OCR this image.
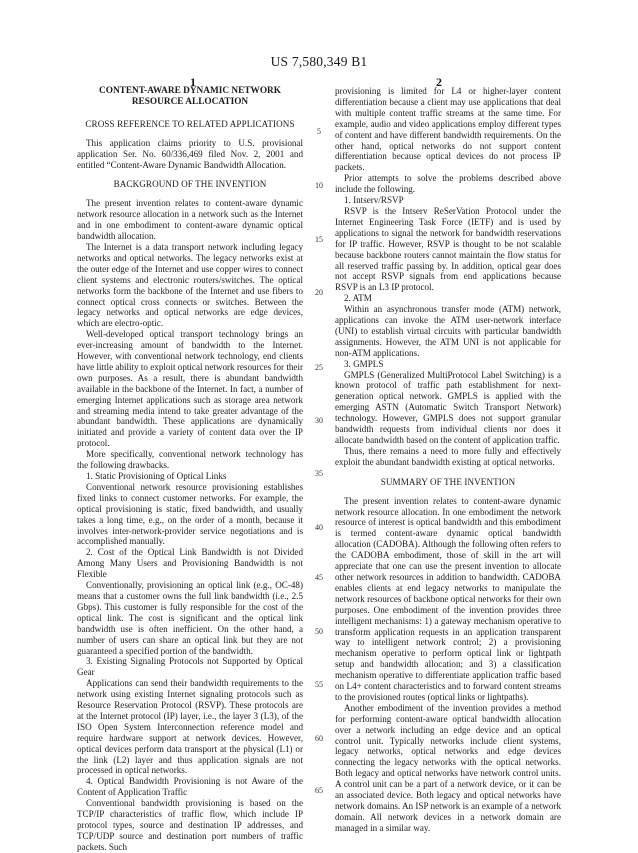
US 7,580,349 B1
1	2

CONTENT-AWARE DYNAMIC NETWORK RESOURCE ALLOCATION

CROSS REFERENCE TO RELATED APPLICATIONS

This application claims priority to U.S. provisional application Ser. No. 60/336,469 filed Nov. 2, 2001 and entitled “Content-Aware Dynamic Bandwidth Allocation.

BACKGROUND OF THE INVENTION

The present invention relates to content-aware dynamic network resource allocation in a network such as the Internet and in one embodiment to content-aware dynamic optical bandwidth allocation.

The Internet is a data transport network including legacy networks and optical networks. The legacy networks exist at the outer edge of the Internet and use copper wires to connect client systems and electronic routers/switches. The optical networks form the backbone of the Internet and use fibers to connect optical cross connects or switches. Between the legacy networks and optical networks are edge devices, which are electro-optic.

Well-developed optical transport technology brings an ever-increasing amount of bandwidth to the Internet. However, with conventional network technology, end clients have little ability to exploit optical network resources for their own purposes. As a result, there is abundant bandwidth available in the backbone of the Internet. In fact, a number of emerging Internet applications such as storage area network and streaming media intend to take greater advantage of the abundant bandwidth. These applications are dynamically initiated and provide a variety of content data over the IP protocol.

More specifically, conventional network technology has the following drawbacks.

1. Static Provisioning of Optical Links

Conventional network resource provisioning establishes fixed links to connect customer networks. For example, the optical provisioning is static, fixed bandwidth, and usually takes a long time, e.g., on the order of a month, because it involves inter-network-provider service negotiations and is accomplished manually.

2. Cost of the Optical Link Bandwidth is not Divided Among Many Users and Provisioning Bandwidth is not Flexible

Conventionally, provisioning an optical link (e.g., OC-48) means that a customer owns the full link bandwidth (i.e., 2.5 Gbps). This customer is fully responsible for the cost of the optical link. The cost is significant and the optical link bandwidth use is often inefficient. On the other hand, a number of users can share an optical link but they are not guaranteed a specified portion of the bandwidth.

3. Existing Signaling Protocols not Supported by Optical Gear

Applications can send their bandwidth requirements to the network using existing Internet signaling protocols such as Resource Reservation Protocol (RSVP). These protocols are at the Internet protocol (IP) layer, i.e., the layer 3 (L3), of the ISO Open System Interconnection reference model and require hardware support at network devices. However, optical devices perform data transport at the physical (L1) or the link (L2) layer and thus application signals are not processed in optical networks.

4. Optical Bandwidth Provisioning is not Aware of the Content of Application Traffic

Conventional bandwidth provisioning is based on the TCP/IP characteristics of traffic flow, which include IP protocol types, source and destination IP addresses, and TCP/UDP source and destination port numbers of traffic packets. Such

5
10
15
20
25
30
35
40
45
50
55
60
65

provisioning is limited for L4 or higher-layer content differentiation because a client may use applications that deal with multiple content traffic streams at the same time. For example, audio and video applications employ different types of content and have different bandwidth requirements. On the other hand, optical networks do not support content differentiation because optical devices do not process IP packets.

Prior attempts to solve the problems described above include the following.

1. Intserv/RSVP

RSVP is the Intserv ReSerVation Protocol under the Internet Engineering Task Force (IETF) and is used by applications to signal the network for bandwidth reservations for IP traffic. However, RSVP is thought to be not scalable because backbone routers cannot maintain the flow status for all reserved traffic passing by. In addition, optical gear does not accept RSVP signals from end applications because RSVP is an L3 IP protocol.

2. ATM

Within an asynchronous transfer mode (ATM) network, applications can invoke the ATM user-network interface (UNI) to establish virtual circuits with particular bandwidth assignments. However, the ATM UNI is not applicable for non-ATM applications.

3. GMPLS

GMPLS (Generalized MultiProtocol Label Switching) is a known protocol of traffic path establishment for next-generation optical network. GMPLS is applied with the emerging ASTN (Automatic Switch Transport Network) technology. However, GMPLS does not support granular bandwidth requests from individual clients nor does it allocate bandwidth based on the content of application traffic.

Thus, there remains a need to more fully and effectively exploit the abundant bandwidth existing at optical networks.

SUMMARY OF THE INVENTION

The present invention relates to content-aware dynamic network resource allocation. In one embodiment the network resource of interest is optical bandwidth and this embodiment is termed content-aware dynamic optical bandwidth allocation (CADOBA). Although the following often refers to the CADOBA embodiment, those of skill in the art will appreciate that one can use the present invention to allocate other network resources in addition to bandwidth. CADOBA enables clients at end legacy networks to manipulate the network resources of backbone optical networks for their own purposes. One embodiment of the invention provides three intelligent mechanisms: 1) a gateway mechanism operative to transform application requests in an application transparent way to intelligent network control; 2) a provisioning mechanism operative to perform optical link or lightpath setup and bandwidth allocation; and 3) a classification mechanism operative to differentiate application traffic based on L4+ content characteristics and to forward content streams to the provisioned routes (optical links or lightpaths).

Another embodiment of the invention provides a method for performing content-aware optical bandwidth allocation over a network including an edge device and an optical control unit. Typically networks include client systems, legacy networks, optical networks and edge devices connecting the legacy networks with the optical networks. Both legacy and optical networks have network control units. A control unit can be a part of a network device, or it can be an associated device. Both legacy and optical networks have network domains. An ISP network is an example of a network domain. All network devices in a network domain are managed in a similar way.
